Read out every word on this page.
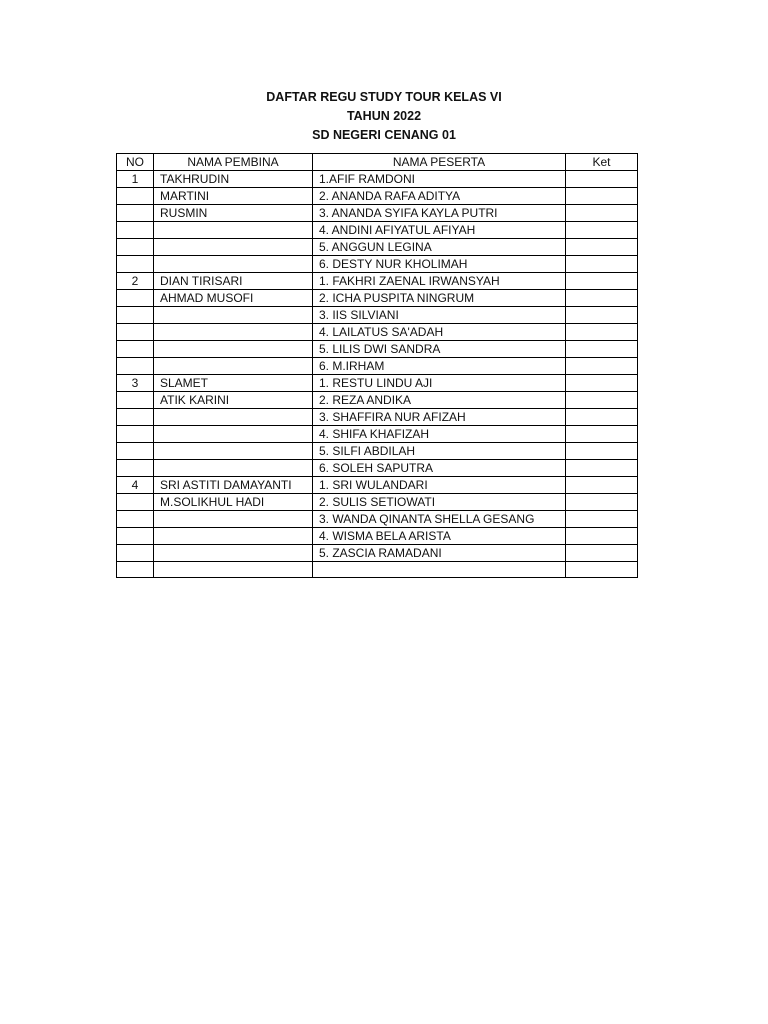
DAFTAR REGU STUDY TOUR KELAS VI
TAHUN 2022
SD NEGERI CENANG 01
NO	NAMA PEMBINA	NAMA PESERTA	Ket
1	TAKHRUDIN	1.AFIF RAMDONI	
	MARTINI	2. ANANDA RAFA ADITYA	
	RUSMIN	3. ANANDA SYIFA KAYLA PUTRI	
		4. ANDINI AFIYATUL AFIYAH	
		5. ANGGUN LEGINA	
		6. DESTY NUR KHOLIMAH	
2	DIAN TIRISARI	1. FAKHRI ZAENAL IRWANSYAH	
	AHMAD MUSOFI	2. ICHA PUSPITA NINGRUM	
		3. IIS SILVIANI	
		4. LAILATUS SA'ADAH	
		5. LILIS DWI SANDRA	
		6. M.IRHAM	
3	SLAMET	1. RESTU LINDU AJI	
	ATIK KARINI	2. REZA ANDIKA	
		3. SHAFFIRA NUR AFIZAH	
		4. SHIFA KHAFIZAH	
		5. SILFI ABDILAH	
		6. SOLEH SAPUTRA	
4	SRI ASTITI DAMAYANTI	1. SRI WULANDARI	
	M.SOLIKHUL HADI	2. SULIS SETIOWATI	
		3. WANDA QINANTA SHELLA GESANG	
		4. WISMA BELA ARISTA	
		5. ZASCIA RAMADANI	
